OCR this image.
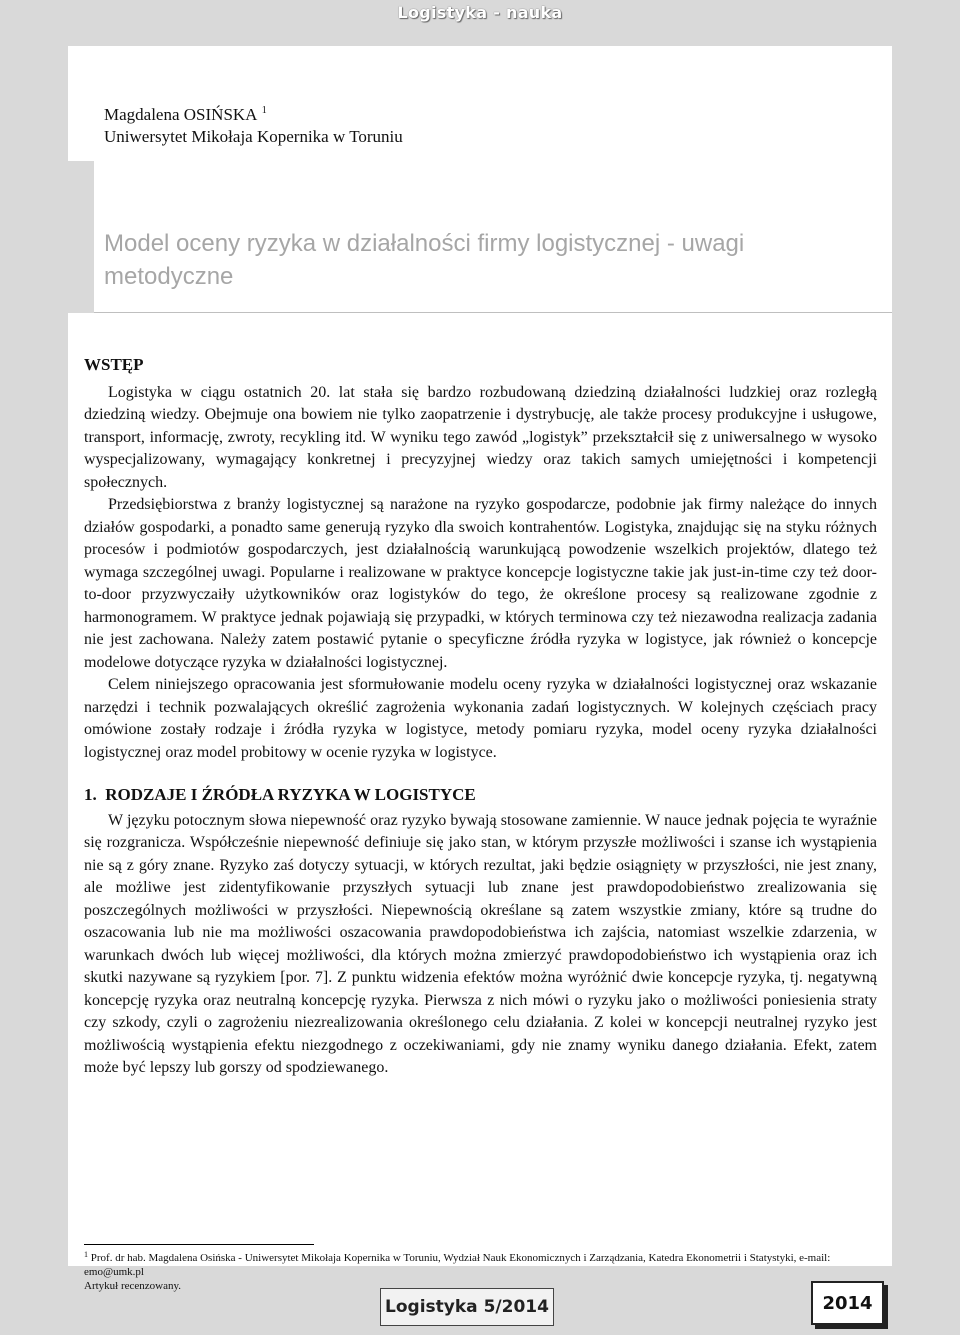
Logistyka - nauka
Magdalena OSIŃSKA $^1$
Uniwersytet Mikołaja Kopernika w Toruniu
Model oceny ryzyka w działalności firmy logistycznej - uwagi metodyczne
WSTĘP

Logistyka w ciągu ostatnich 20. lat stała się bardzo rozbudowaną dziedziną działalności ludzkiej oraz rozległą dziedziną wiedzy. Obejmuje ona bowiem nie tylko zaopatrzenie i dystrybucję, ale także procesy produkcyjne i usługowe, transport, informację, zwroty, recykling itd. W wyniku tego zawód „logistyk” przekształcił się z uniwersalnego w wysoko wyspecjalizowany, wymagający konkretnej i precyzyjnej wiedzy oraz takich samych umiejętności i kompetencji społecznych.

Przedsiębiorstwa z branży logistycznej są narażone na ryzyko gospodarcze, podobnie jak firmy należące do innych działów gospodarki, a ponadto same generują ryzyko dla swoich kontrahentów. Logistyka, znajdując się na styku różnych procesów i podmiotów gospodarczych, jest działalnością warunkującą powodzenie wszelkich projektów, dlatego też wymaga szczególnej uwagi. Popularne i realizowane w praktyce koncepcje logistyczne takie jak just-in-time czy też door-to-door przyzwyczaiły użytkowników oraz logistyków do tego, że określone procesy są realizowane zgodnie z harmonogramem. W praktyce jednak pojawiają się przypadki, w których terminowa czy też niezawodna realizacja zadania nie jest zachowana. Należy zatem postawić pytanie o specyficzne źródła ryzyka w logistyce, jak również o koncepcje modelowe dotyczące ryzyka w działalności logistycznej.

Celem niniejszego opracowania jest sformułowanie modelu oceny ryzyka w działalności logistycznej oraz wskazanie narzędzi i technik pozwalających określić zagrożenia wykonania zadań logistycznych. W kolejnych częściach pracy omówione zostały rodzaje i źródła ryzyka w logistyce, metody pomiaru ryzyka, model oceny ryzyka działalności logistycznej oraz model probitowy w ocenie ryzyka w logistyce.

1.  RODZAJE I ŹRÓDŁA RYZYKA W LOGISTYCE

W języku potocznym słowa niepewność oraz ryzyko bywają stosowane zamiennie. W nauce jednak pojęcia te wyraźnie się rozgranicza. Współcześnie niepewność definiuje się jako stan, w którym przyszłe możliwości i szanse ich wystąpienia nie są z góry znane. Ryzyko zaś dotyczy sytuacji, w których rezultat, jaki będzie osiągnięty w przyszłości, nie jest znany, ale możliwe jest zidentyfikowanie przyszłych sytuacji lub znane jest prawdopodobieństwo zrealizowania się poszczególnych możliwości w przyszłości. Niepewnością określane są zatem wszystkie zmiany, które są trudne do oszacowania lub nie ma możliwości oszacowania prawdopodobieństwa ich zajścia, natomiast wszelkie zdarzenia, w warunkach dwóch lub więcej możliwości, dla których można zmierzyć prawdopodobieństwo ich wystąpienia oraz ich skutki nazywane są ryzykiem [por. 7]. Z punktu widzenia efektów można wyróżnić dwie koncepcje ryzyka, tj. negatywną koncepcję ryzyka oraz neutralną koncepcję ryzyka. Pierwsza z nich mówi o ryzyku jako o możliwości poniesienia straty czy szkody, czyli o zagrożeniu niezrealizowania określonego celu działania. Z kolei w koncepcji neutralnej ryzyko jest możliwością wystąpienia efektu niezgodnego z oczekiwaniami, gdy nie znamy wyniku danego działania. Efekt, zatem może być lepszy lub gorszy od spodziewanego.

$^1$ Prof. dr hab. Magdalena Osińska - Uniwersytet Mikołaja Kopernika w Toruniu, Wydział Nauk Ekonomicznych i Zarządzania, Katedra Ekonometrii i Statystyki, e-mail: emo@umk.pl
Artykuł recenzowany.
Logistyka 5/2014	2014
